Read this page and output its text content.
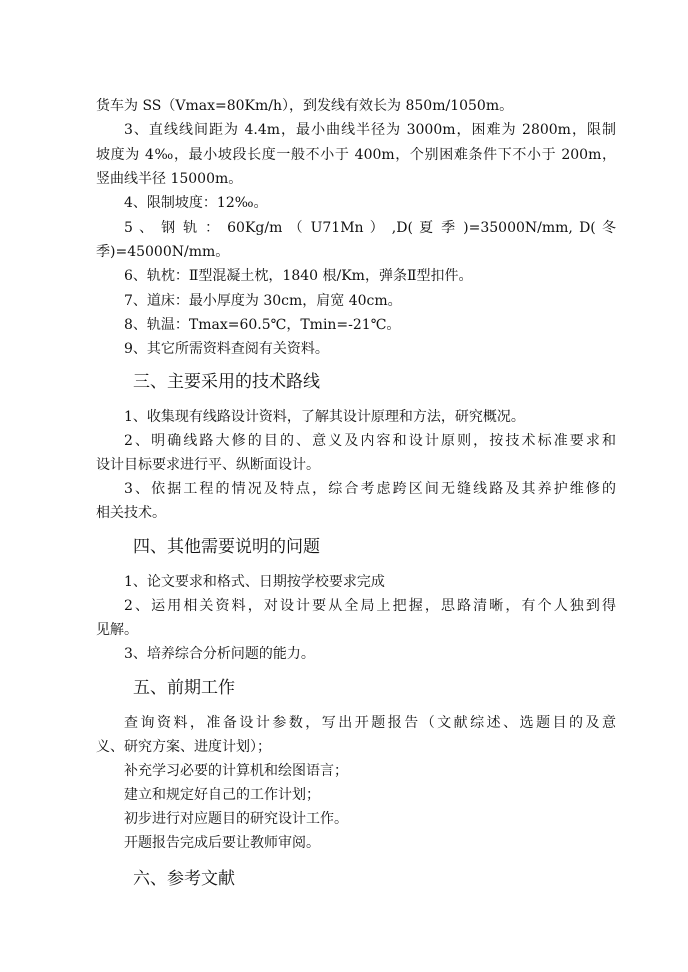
货车为 SS（Vmax=80Km/h），到发线有效长为 850m/1050m。
3、直线线间距为 4.4m，最小曲线半径为 3000m，困难为 2800m，限制
坡度为 4‰，最小坡段长度一般不小于 400m，个别困难条件下不小于 200m，
竖曲线半径 15000m。
4、限制坡度：12‰。
5 、 钢 轨 ： 60Kg/m （ U71Mn ） ,D( 夏 季 )=35000N/mm, D( 冬
季)=45000N/mm。
6、轨枕：Ⅱ型混凝土枕，1840 根/Km，弹条Ⅱ型扣件。
7、道床：最小厚度为 30cm，肩宽 40cm。
8、轨温：Tmax=60.5℃，Tmin=-21℃。
9、其它所需资料查阅有关资料。
三、主要采用的技术路线
1、收集现有线路设计资料，了解其设计原理和方法，研究概况。
2、明确线路大修的目的、意义及内容和设计原则，按技术标准要求和
设计目标要求进行平、纵断面设计。
3、依据工程的情况及特点，综合考虑跨区间无缝线路及其养护维修的
相关技术。
四、其他需要说明的问题
1、论文要求和格式、日期按学校要求完成
2、运用相关资料，对设计要从全局上把握，思路清晰，有个人独到得
见解。
3、培养综合分析问题的能力。
五、前期工作
查询资料，准备设计参数，写出开题报告（文献综述、选题目的及意
义、研究方案、进度计划）；
补充学习必要的计算机和绘图语言；
建立和规定好自己的工作计划；
初步进行对应题目的研究设计工作。
开题报告完成后要让教师审阅。
六、参考文献
